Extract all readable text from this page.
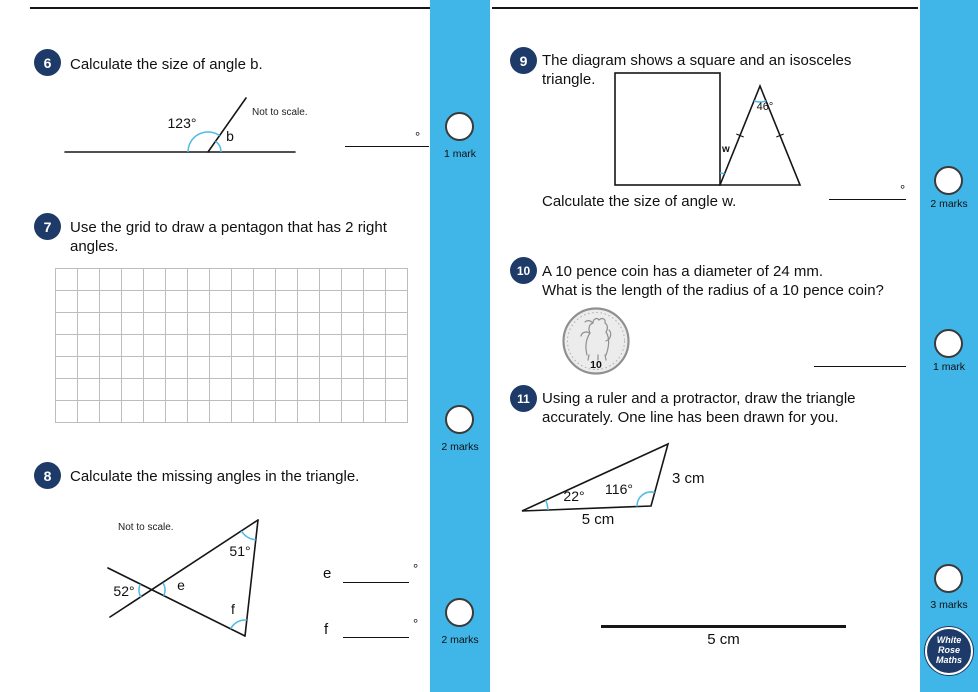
6	Calculate the size of angle b.
Not to scale.
123°
b	°
7	Use the grid to draw a pentagon that has 2 right angles.
8	Calculate the missing angles in the triangle.
Not to scale.
52°	e
51°
f
e	°
f	°
1 mark
2 marks
2 marks
9 The diagram shows a square and an isosceles triangle.
46°
w
Calculate the size of angle w.
°
10 A 10 pence coin has a diameter of 24 mm.
What is the length of the radius of a 10 pence coin?
10
11 Using a ruler and a protractor, draw the triangle accurately. One line has been drawn for you.
22° 116°
3 cm
5 cm
5 cm
2 marks
1 mark
3 marks
White
Rose
Maths
